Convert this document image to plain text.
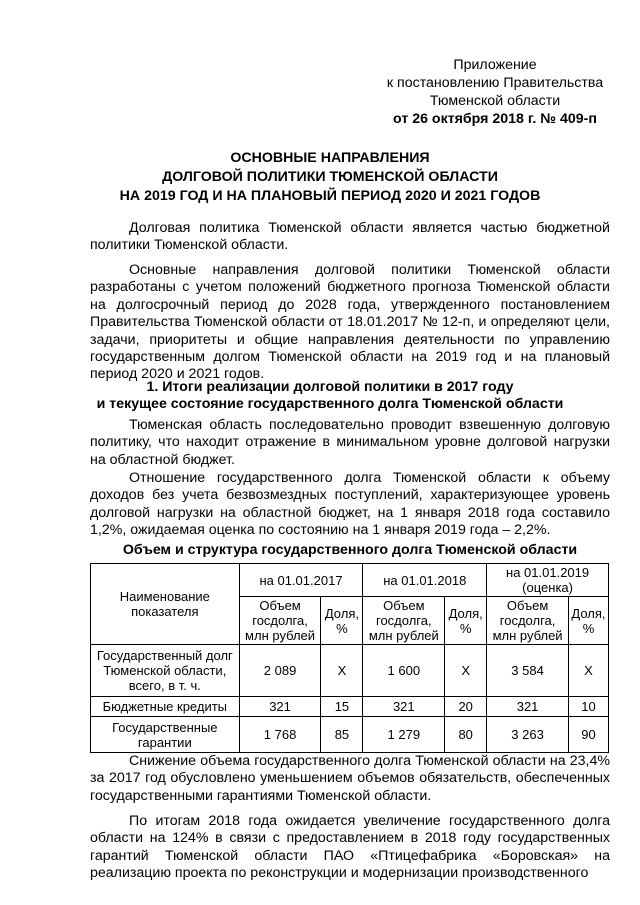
Приложение
к постановлению Правительства
Тюменской области
от 26 октября 2018 г. № 409-п
ОСНОВНЫЕ НАПРАВЛЕНИЯ
ДОЛГОВОЙ ПОЛИТИКИ ТЮМЕНСКОЙ ОБЛАСТИ
НА 2019 ГОД И НА ПЛАНОВЫЙ ПЕРИОД 2020 И 2021 ГОДОВ
Долговая политика Тюменской области является частью бюджетной политики Тюменской области.
Основные направления долговой политики Тюменской области разработаны с учетом положений бюджетного прогноза Тюменской области на долгосрочный период до 2028 года, утвержденного постановлением Правительства Тюменской области от 18.01.2017 № 12-п, и определяют цели, задачи, приоритеты и общие направления деятельности по управлению государственным долгом Тюменской области на 2019 год и на плановый период 2020 и 2021 годов.
1. Итоги реализации долговой политики в 2017 году
и текущее состояние государственного долга Тюменской области
Тюменская область последовательно проводит взвешенную долговую политику, что находит отражение в минимальном уровне долговой нагрузки на областной бюджет.
Отношение государственного долга Тюменской области к объему доходов без учета безвозмездных поступлений, характеризующее уровень долговой нагрузки на областной бюджет, на 1 января 2018 года составило 1,2%, ожидаемая оценка по состоянию на 1 января 2019 года – 2,2%.
Объем и структура государственного долга Тюменской области
Наименование показателя	на 01.01.2017		на 01.01.2018		на 01.01.2019
(оценка)	

	Объем госдолга, млн рублей	Доля, %	Объем госдолга, млн рублей	Доля, %	Объем госдолга, млн рублей	Доля, %
Государственный долг Тюменской области, всего, в т. ч.	2 089	Х	1 600	Х	3 584	Х
Бюджетные кредиты	321	15	321	20	321	10
Государственные гарантии	1 768	85	1 279	80	3 263	90
Снижение объема государственного долга Тюменской области на 23,4% за 2017 год обусловлено уменьшением объемов обязательств, обеспеченных государственными гарантиями Тюменской области.
По итогам 2018 года ожидается увеличение государственного долга области на 124% в связи с предоставлением в 2018 году государственных гарантий Тюменской области ПАО «Птицефабрика «Боровская» на реализацию проекта по реконструкции и модернизации производственного
